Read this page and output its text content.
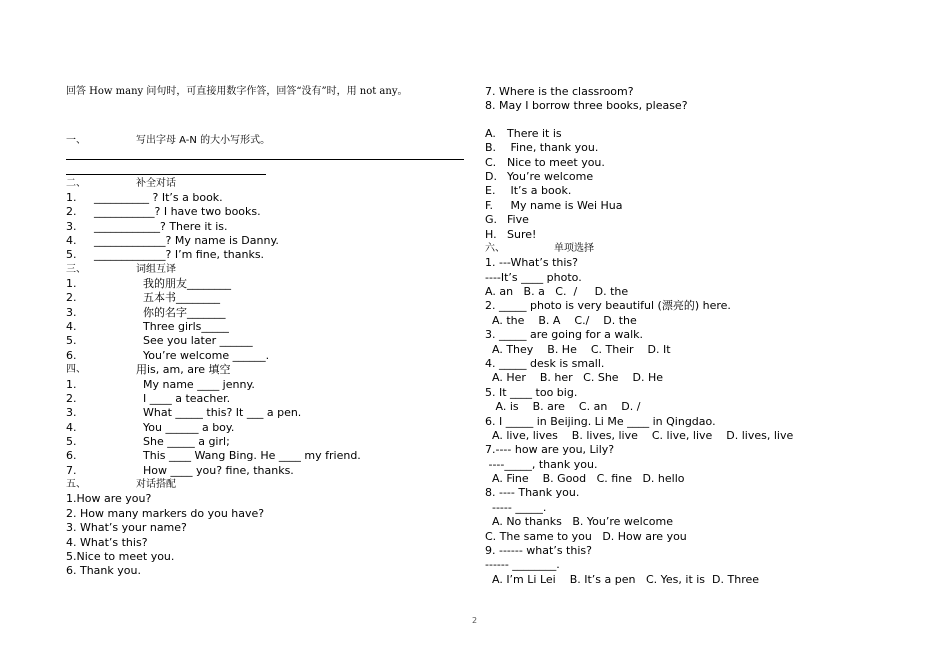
回答 How many 问句时，可直接用数字作答，回答“没有”时，用 not any。
一、	写出字母 A-N 的大小写形式。
二、	补全对话
1. __________ ? It’s a book.
2. ___________? I have two books.
3. ____________? There it is.
4. _____________? My name is Danny.
5. _____________? I’m fine, thanks.
三、	词组互译
1.	我的朋友________
2.	五本书________
3.	你的名字_______
4.	Three girls_____
5.	See you later ______
6.	You’re welcome ______.
四、	用is, am, are 填空
1.	My name ____ jenny.
2.	I ____ a teacher.
3.	What _____ this? It ___ a pen.
4.	You ______ a boy.
5.	She _____ a girl;
6.	This ____ Wang Bing. He ____ my friend.
7.	How ____ you? fine, thanks.
五、	对话搭配
1.How are you?
2. How many markers do you have?
3. What’s your name?
4. What’s this?
5.Nice to meet you.
6. Thank you.
7. Where is the classroom?
8. May I borrow three books, please?
A. There it is
B. Fine, thank you.
C. Nice to meet you.
D. You’re welcome
E. It’s a book.
F. My name is Wei Hua
G. Five
H. Sure!
六、	单项选择
1. ---What’s this?
----It’s ____ photo.
A. an   B. a   C.  /     D. the
2. _____ photo is very beautiful (漂亮的) here.
A. the    B. A    C./    D. the
3. _____ are going for a walk.
A. They    B. He    C. Their    D. It
4. _____ desk is small.
A. Her    B. her   C. She    D. He
5. It ____ too big.
A. is    B. are    C. an    D. /
6. I _____ in Beijing. Li Me ____ in Qingdao.
A. live, lives    B. lives, live    C. live, live    D. lives, live
7.---- how are you, Lily?
----_____, thank you.
A. Fine    B. Good   C. fine   D. hello
8. ---- Thank you.
----- _____.
A. No thanks   B. You’re welcome
C. The same to you   D. How are you
9. ------ what’s this?
------ ________.
A. I’m Li Lei    B. It’s a pen   C. Yes, it is  D. Three
2
